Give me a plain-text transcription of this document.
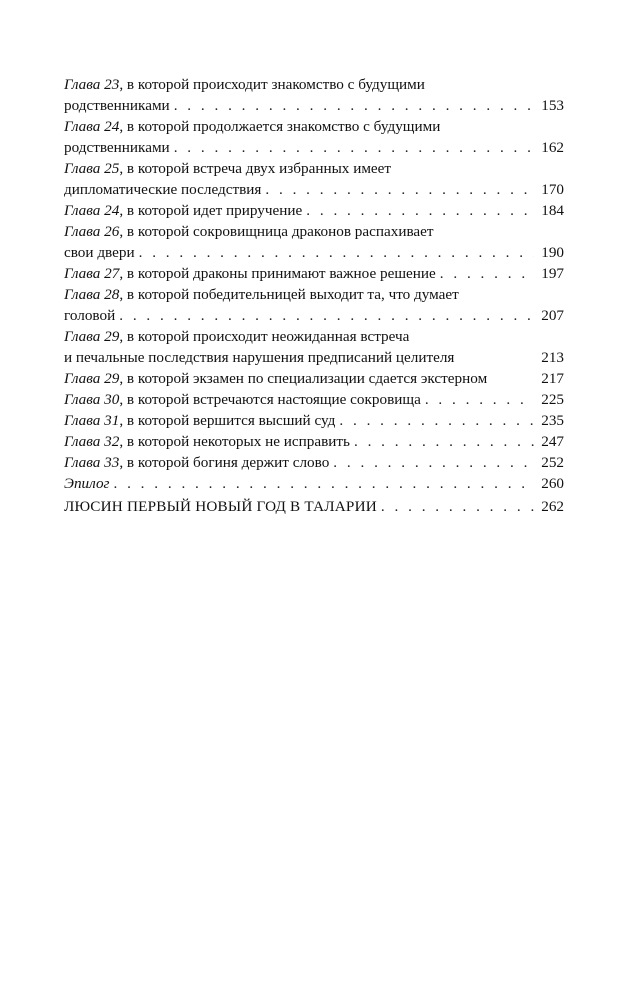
Глава 23, в которой происходит знакомство с будущими
родственниками . . .	153
Глава 24, в которой продолжается знакомство с будущими
родственниками . . .	162
Глава 25, в которой встреча двух избранных имеет
дипломатические последствия . . .	170
Глава 24, в которой идет приручение . . .	184
Глава 26, в которой сокровищница драконов распахивает
свои двери . . .	190
Глава 27, в которой драконы принимают важное решение . . .	197
Глава 28, в которой победительницей выходит та, что думает
головой . . .	207
Глава 29, в которой происходит неожиданная встреча
и печальные последствия нарушения предписаний целителя	213
Глава 29, в которой экзамен по специализации сдается экстерном	217
Глава 30, в которой встречаются настоящие сокровища . . .	225
Глава 31, в которой вершится высший суд . . .	235
Глава 32, в которой некоторых не исправить . . .	247
Глава 33, в которой богиня держит слово . . .	252
Эпилог . . .	260
ЛЮСИН ПЕРВЫЙ НОВЫЙ ГОД В ТАЛАРИИ . . .	262
